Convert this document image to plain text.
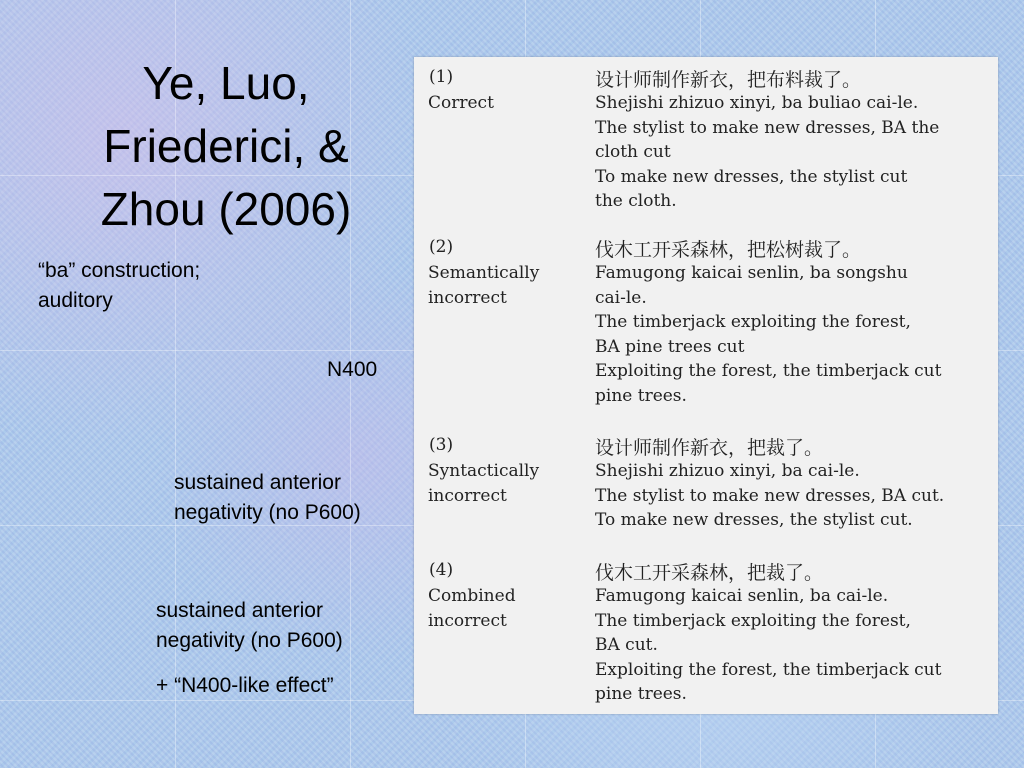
Ye, Luo,
Friederici, &
Zhou (2006)
“ba” construction;
auditory
N400
sustained anterior
negativity (no P600)
sustained anterior
negativity (no P600)
+ “N400-like effect”
(1)
Correct
设计师制作新衣，把布料裁了。
Shejishi zhizuo xinyi, ba buliao cai-le.
The stylist to make new dresses, BA the
cloth cut
To make new dresses, the stylist cut
the cloth.
(2)
Semantically
incorrect
伐木工开采森林，把松树裁了。
Famugong kaicai senlin, ba songshu
cai-le.
The timberjack exploiting the forest,
BA pine trees cut
Exploiting the forest, the timberjack cut
pine trees.
(3)
Syntactically
incorrect
设计师制作新衣，把裁了。
Shejishi zhizuo xinyi, ba cai-le.
The stylist to make new dresses, BA cut.
To make new dresses, the stylist cut.
(4)
Combined
incorrect
伐木工开采森林，把裁了。
Famugong kaicai senlin, ba cai-le.
The timberjack exploiting the forest,
BA cut.
Exploiting the forest, the timberjack cut
pine trees.
